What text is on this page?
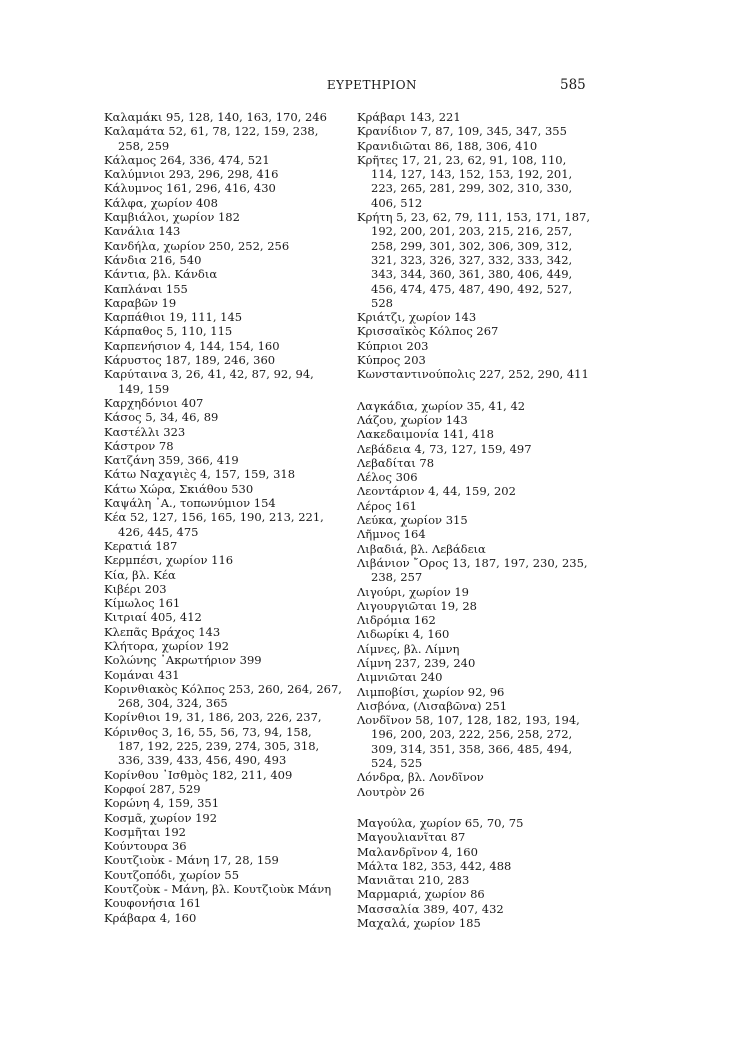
ΕΥΡΕΤΗΡΙΟΝ	585
Καλαμάκι 95, 128, 140, 163, 170, 246
Καλαμάτα 52, 61, 78, 122, 159, 238,
258, 259
Κάλαμος 264, 336, 474, 521
Καλύμνιοι 293, 296, 298, 416
Κάλυμνος 161, 296, 416, 430
Κάλφα, χωρίον 408
Καμβιάλοι, χωρίον 182
Κανάλια 143
Κανδήλα, χωρίον 250, 252, 256
Κάνδια 216, 540
Κάντια, βλ. Κάνδια
Καπλάναι 155
Καραβῶν 19
Καρπάθιοι 19, 111, 145
Κάρπαθος 5, 110, 115
Καρπενήσιον 4, 144, 154, 160
Κάρυστος 187, 189, 246, 360
Καρύταινα 3, 26, 41, 42, 87, 92, 94,
149, 159
Καρχηδόνιοι 407
Κάσος 5, 34, 46, 89
Καστέλλι 323
Κάστρον 78
Κατζάνη 359, 366, 419
Κάτω Ναχαγιὲς 4, 157, 159, 318
Κάτω Χώρα, Σκιάθου 530
Καψάλη ᾿Α., τοπωνύμιον 154
Κέα 52, 127, 156, 165, 190, 213, 221,
426, 445, 475
Κερατιά 187
Κερμπέσι, χωρίον 116
Κία, βλ. Κέα
Κιβέρι 203
Κίμωλος 161
Κιτριαί 405, 412
Κλεπᾶς Βράχος 143
Κλήτορα, χωρίον 192
Κολώνης ᾿Ακρωτήριον 399
Κομάναι 431
Κορινθιακὸς Κόλπος 253, 260, 264, 267,
268, 304, 324, 365
Κορίνθιοι 19, 31, 186, 203, 226, 237,
Κόρινθος 3, 16, 55, 56, 73, 94, 158,
187, 192, 225, 239, 274, 305, 318,
336, 339, 433, 456, 490, 493
Κορίνθου ᾿Ισθμὸς 182, 211, 409
Κορφοί 287, 529
Κορώνη 4, 159, 351
Κοσμᾶ, χωρίον 192
Κοσμῆται 192
Κούντουρα 36
Κουτζιοὺκ - Μάνη 17, 28, 159
Κουτζοπόδι, χωρίον 55
Κουτζοὺκ - Μάνη, βλ. Κουτζιοὺκ Μάνη
Κουφονήσια 161
Κράβαρα 4, 160
Κράβαρι 143, 221
Κρανίδιον 7, 87, 109, 345, 347, 355
Κρανιδιῶται 86, 188, 306, 410
Κρῆτες 17, 21, 23, 62, 91, 108, 110,
114, 127, 143, 152, 153, 192, 201,
223, 265, 281, 299, 302, 310, 330,
406, 512
Κρήτη 5, 23, 62, 79, 111, 153, 171, 187,
192, 200, 201, 203, 215, 216, 257,
258, 299, 301, 302, 306, 309, 312,
321, 323, 326, 327, 332, 333, 342,
343, 344, 360, 361, 380, 406, 449,
456, 474, 475, 487, 490, 492, 527,
528
Κριάτζι, χωρίον 143
Κρισσαϊκὸς Κόλπος 267
Κύπριοι 203
Κύπρος 203
Κωνσταντινούπολις 227, 252, 290, 411
Λαγκάδια, χωρίον 35, 41, 42
Λάζου, χωρίον 143
Λακεδαιμονία 141, 418
Λεβάδεια 4, 73, 127, 159, 497
Λεβαδίται 78
Λέλος 306
Λεοντάριον 4, 44, 159, 202
Λέρος 161
Λεύκα, χωρίον 315
Λῆμνος 164
Λιβαδιά, βλ. Λεβάδεια
Λιβάνιον ῎Ορος 13, 187, 197, 230, 235,
238, 257
Λιγούρι, χωρίον 19
Λιγουργιῶται 19, 28
Λιδρόμια 162
Λιδωρίκι 4, 160
Λίμνες, βλ. Λίμνη
Λίμνη 237, 239, 240
Λιμνιῶται 240
Λιμποβίσι, χωρίον 92, 96
Λισβόνα, (Λισαβῶνα) 251
Λονδῖνον 58, 107, 128, 182, 193, 194,
196, 200, 203, 222, 256, 258, 272,
309, 314, 351, 358, 366, 485, 494,
524, 525
Λόνδρα, βλ. Λονδῖνον
Λουτρὸν 26
Μαγούλα, χωρίον 65, 70, 75
Μαγουλιανῖται 87
Μαλανδρῖνον 4, 160
Μάλτα 182, 353, 442, 488
Μανιᾶται 210, 283
Μαρμαριά, χωρίον 86
Μασσαλία 389, 407, 432
Μαχαλά, χωρίον 185
